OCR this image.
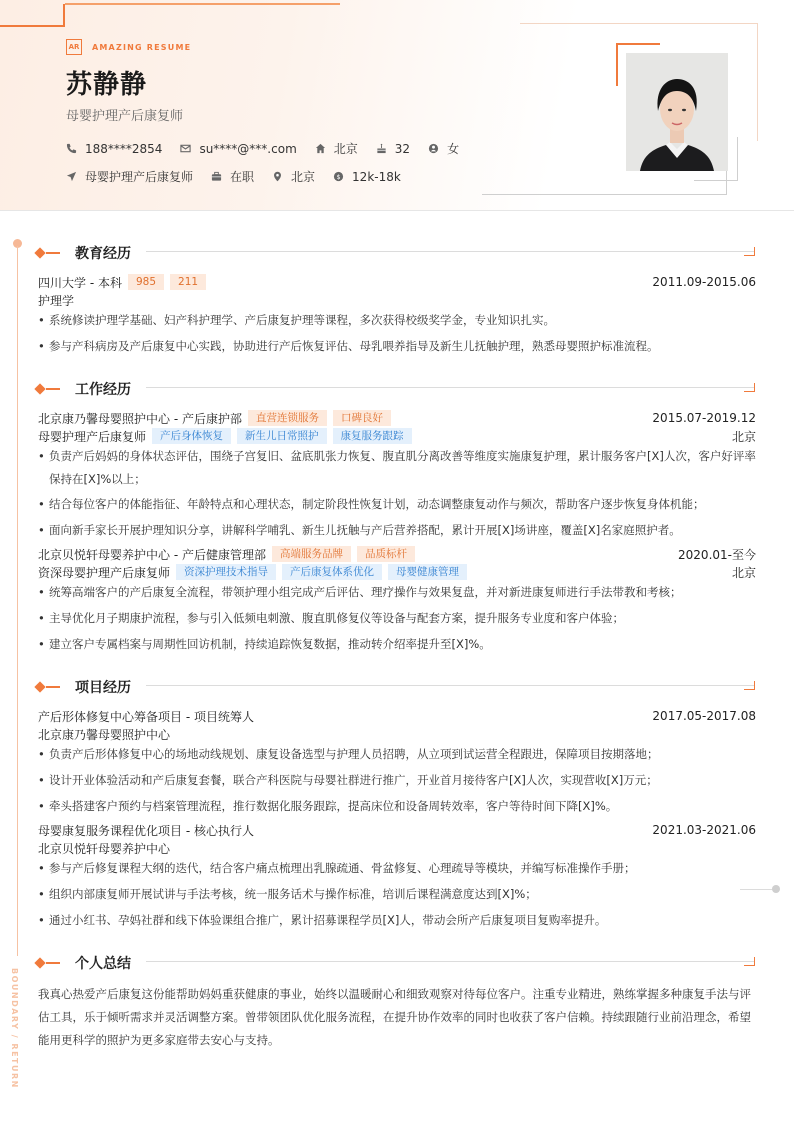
AR	AMAZING RESUME
苏静静
母婴护理产后康复师
188****2854	su****@***.com	北京	32	女
母婴护理产后康复师	在职	北京	$ 12k-18k
BOUNDARY / RETURN
教育经历
四川大学 - 本科	985	211	2011.09-2015.06
护理学
• 系统修读护理学基础、妇产科护理学、产后康复护理等课程，多次获得校级奖学金，专业知识扎实。
• 参与产科病房及产后康复中心实践，协助进行产后恢复评估、母乳喂养指导及新生儿抚触护理，熟悉母婴照护标准流程。
工作经历
北京康乃馨母婴照护中心 - 产后康护部	直营连锁服务	口碑良好	2015.07-2019.12
母婴护理产后康复师	产后身体恢复	新生儿日常照护	康复服务跟踪	北京
• 负责产后妈妈的身体状态评估，围绕子宫复旧、盆底肌张力恢复、腹直肌分离改善等维度实施康复护理，累计服务客户[X]人次，客户好评率保持在[X]%以上；
• 结合每位客户的体能指征、年龄特点和心理状态，制定阶段性恢复计划，动态调整康复动作与频次，帮助客户逐步恢复身体机能；
• 面向新手家长开展护理知识分享，讲解科学哺乳、新生儿抚触与产后营养搭配，累计开展[X]场讲座，覆盖[X]名家庭照护者。
北京贝悦轩母婴养护中心 - 产后健康管理部	高端服务品牌	品质标杆	2020.01-至今
资深母婴护理产后康复师	资深护理技术指导	产后康复体系优化	母婴健康管理	北京
• 统筹高端客户的产后康复全流程，带领护理小组完成产后评估、理疗操作与效果复盘，并对新进康复师进行手法带教和考核；
• 主导优化月子期康护流程，参与引入低频电刺激、腹直肌修复仪等设备与配套方案，提升服务专业度和客户体验；
• 建立客户专属档案与周期性回访机制，持续追踪恢复数据，推动转介绍率提升至[X]%。
项目经历
产后形体修复中心筹备项目 - 项目统筹人	2017.05-2017.08
北京康乃馨母婴照护中心
• 负责产后形体修复中心的场地动线规划、康复设备选型与护理人员招聘，从立项到试运营全程跟进，保障项目按期落地；
• 设计开业体验活动和产后康复套餐，联合产科医院与母婴社群进行推广，开业首月接待客户[X]人次，实现营收[X]万元；
• 牵头搭建客户预约与档案管理流程，推行数据化服务跟踪，提高床位和设备周转效率，客户等待时间下降[X]%。
母婴康复服务课程优化项目 - 核心执行人	2021.03-2021.06
北京贝悦轩母婴养护中心
• 参与产后修复课程大纲的迭代，结合客户痛点梳理出乳腺疏通、骨盆修复、心理疏导等模块，并编写标准操作手册；
• 组织内部康复师开展试讲与手法考核，统一服务话术与操作标准，培训后课程满意度达到[X]%；
• 通过小红书、孕妈社群和线下体验课组合推广，累计招募课程学员[X]人，带动会所产后康复项目复购率提升。
个人总结
我真心热爱产后康复这份能帮助妈妈重获健康的事业，始终以温暖耐心和细致观察对待每位客户。注重专业精进，熟练掌握多种康复手法与评估工具，乐于倾听需求并灵活调整方案。曾带领团队优化服务流程，在提升协作效率的同时也收获了客户信赖。持续跟随行业前沿理念，希望能用更科学的照护为更多家庭带去安心与支持。
